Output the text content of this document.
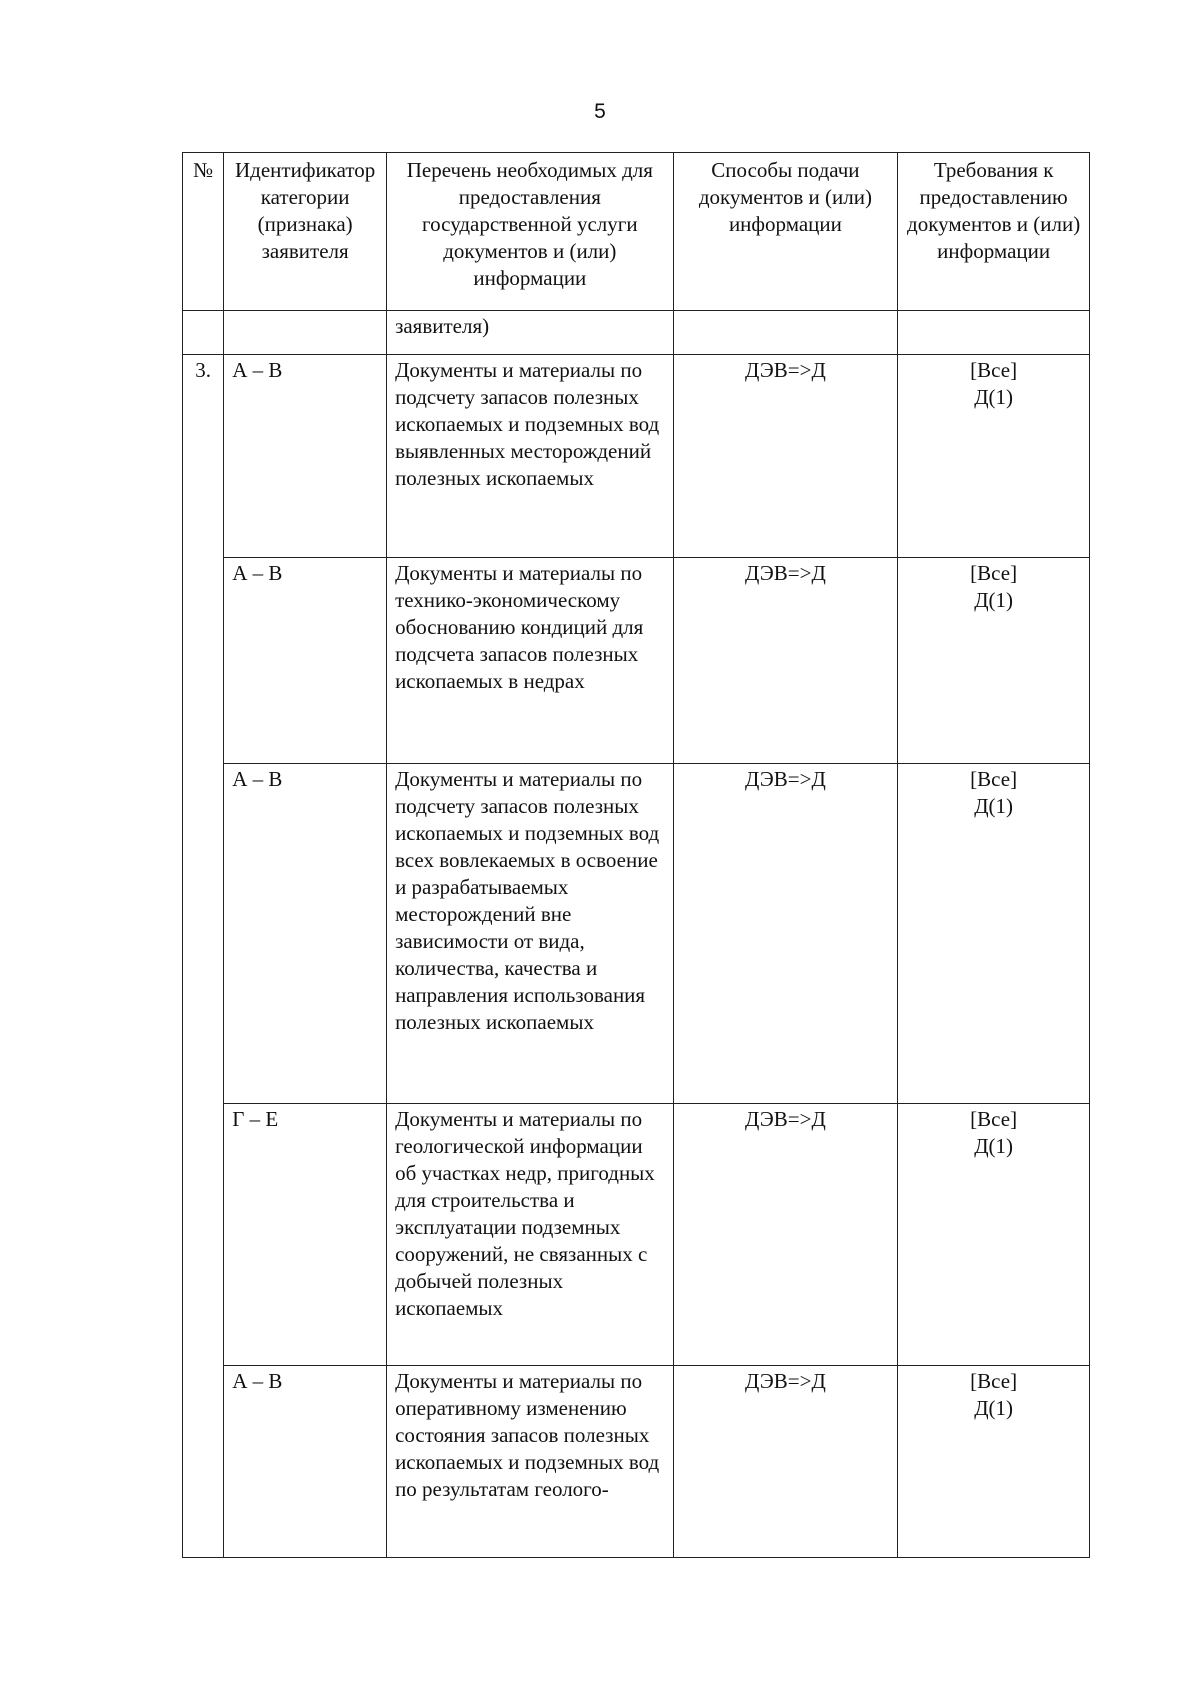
5
№	Идентификатор категории (признака) заявителя	Перечень необходимых для предоставления государственной услуги документов и (или) информации	Способы подачи документов и (или) информации	Требования к предоставлению документов и (или) информации
		заявителя)		
3.	А – В	Документы и материалы по подсчету запасов полезных ископаемых и подземных вод выявленных месторождений полезных ископаемых	ДЭВ=>Д	[Все]
Д(1)

	А – В	Документы и материалы по технико-экономическому обоснованию кондиций для подсчета запасов полезных ископаемых в недрах	ДЭВ=>Д	[Все]
Д(1)

	А – В	Документы и материалы по подсчету запасов полезных ископаемых и подземных вод всех вовлекаемых в освоение и разрабатываемых месторождений вне зависимости от вида, количества, качества и направления использования полезных ископаемых	ДЭВ=>Д	[Все]
Д(1)

	Г – Е	Документы и материалы по геологической информации об участках недр, пригодных для строительства и эксплуатации подземных сооружений, не связанных с добычей полезных ископаемых	ДЭВ=>Д	[Все]
Д(1)

	А – В	Документы и материалы по оперативному изменению состояния запасов полезных ископаемых и подземных вод по результатам геолого-	ДЭВ=>Д	[Все]
Д(1)
